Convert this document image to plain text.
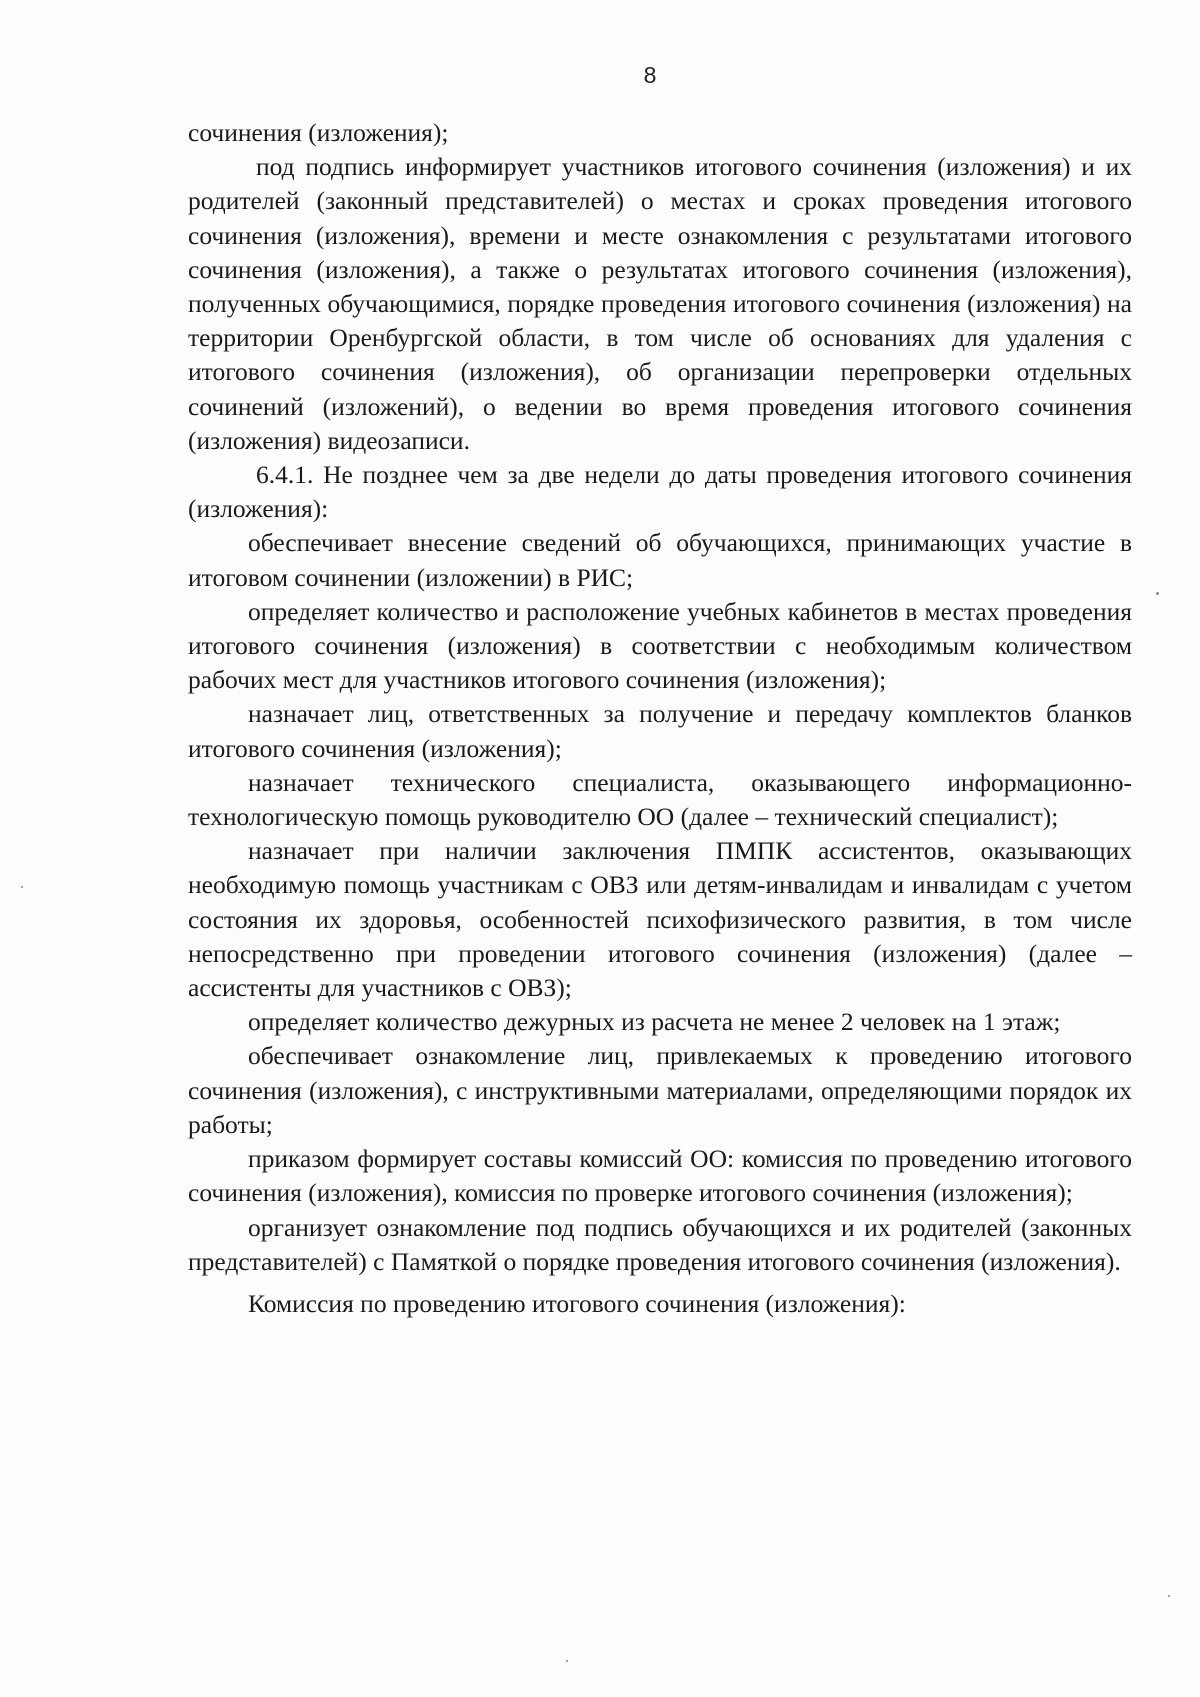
8

сочинения (изложения);

под подпись информирует участников итогового сочинения (изложения) и их родителей (законный представителей) о местах и сроках проведения итогового сочинения (изложения), времени и месте ознакомления с результатами итогового сочинения (изложения), а также о результатах итогового сочинения (изложения), полученных обучающимися, порядке проведения итогового сочинения (изложения) на территории Оренбургской области, в том числе об основаниях для удаления с итогового сочинения (изложения), об организации перепроверки отдельных сочинений (изложений), о ведении во время проведения итогового сочинения (изложения) видеозаписи.

6.4.1. Не позднее чем за две недели до даты проведения итогового сочинения (изложения):

обеспечивает внесение сведений об обучающихся, принимающих участие в итоговом сочинении (изложении) в РИС;

определяет количество и расположение учебных кабинетов в местах проведения итогового сочинения (изложения) в соответствии с необходимым количеством рабочих мест для участников итогового сочинения (изложения);

назначает лиц, ответственных за получение и передачу комплектов бланков итогового сочинения (изложения);

назначает технического специалиста, оказывающего информационно-технологическую помощь руководителю ОО (далее – технический специалист);

назначает при наличии заключения ПМПК ассистентов, оказывающих необходимую помощь участникам с ОВЗ или детям-инвалидам и инвалидам с учетом состояния их здоровья, особенностей психофизического развития, в том числе непосредственно при проведении итогового сочинения (изложения) (далее – ассистенты для участников с ОВЗ);

определяет количество дежурных из расчета не менее 2 человек на 1 этаж;

обеспечивает ознакомление лиц, привлекаемых к проведению итогового сочинения (изложения), с инструктивными материалами, определяющими порядок их работы;

приказом формирует составы комиссий ОО: комиссия по проведению итогового сочинения (изложения), комиссия по проверке итогового сочинения (изложения);

организует ознакомление под подпись обучающихся и их родителей (законных представителей) с Памяткой о порядке проведения итогового сочинения (изложения).

Комиссия по проведению итогового сочинения (изложения):
